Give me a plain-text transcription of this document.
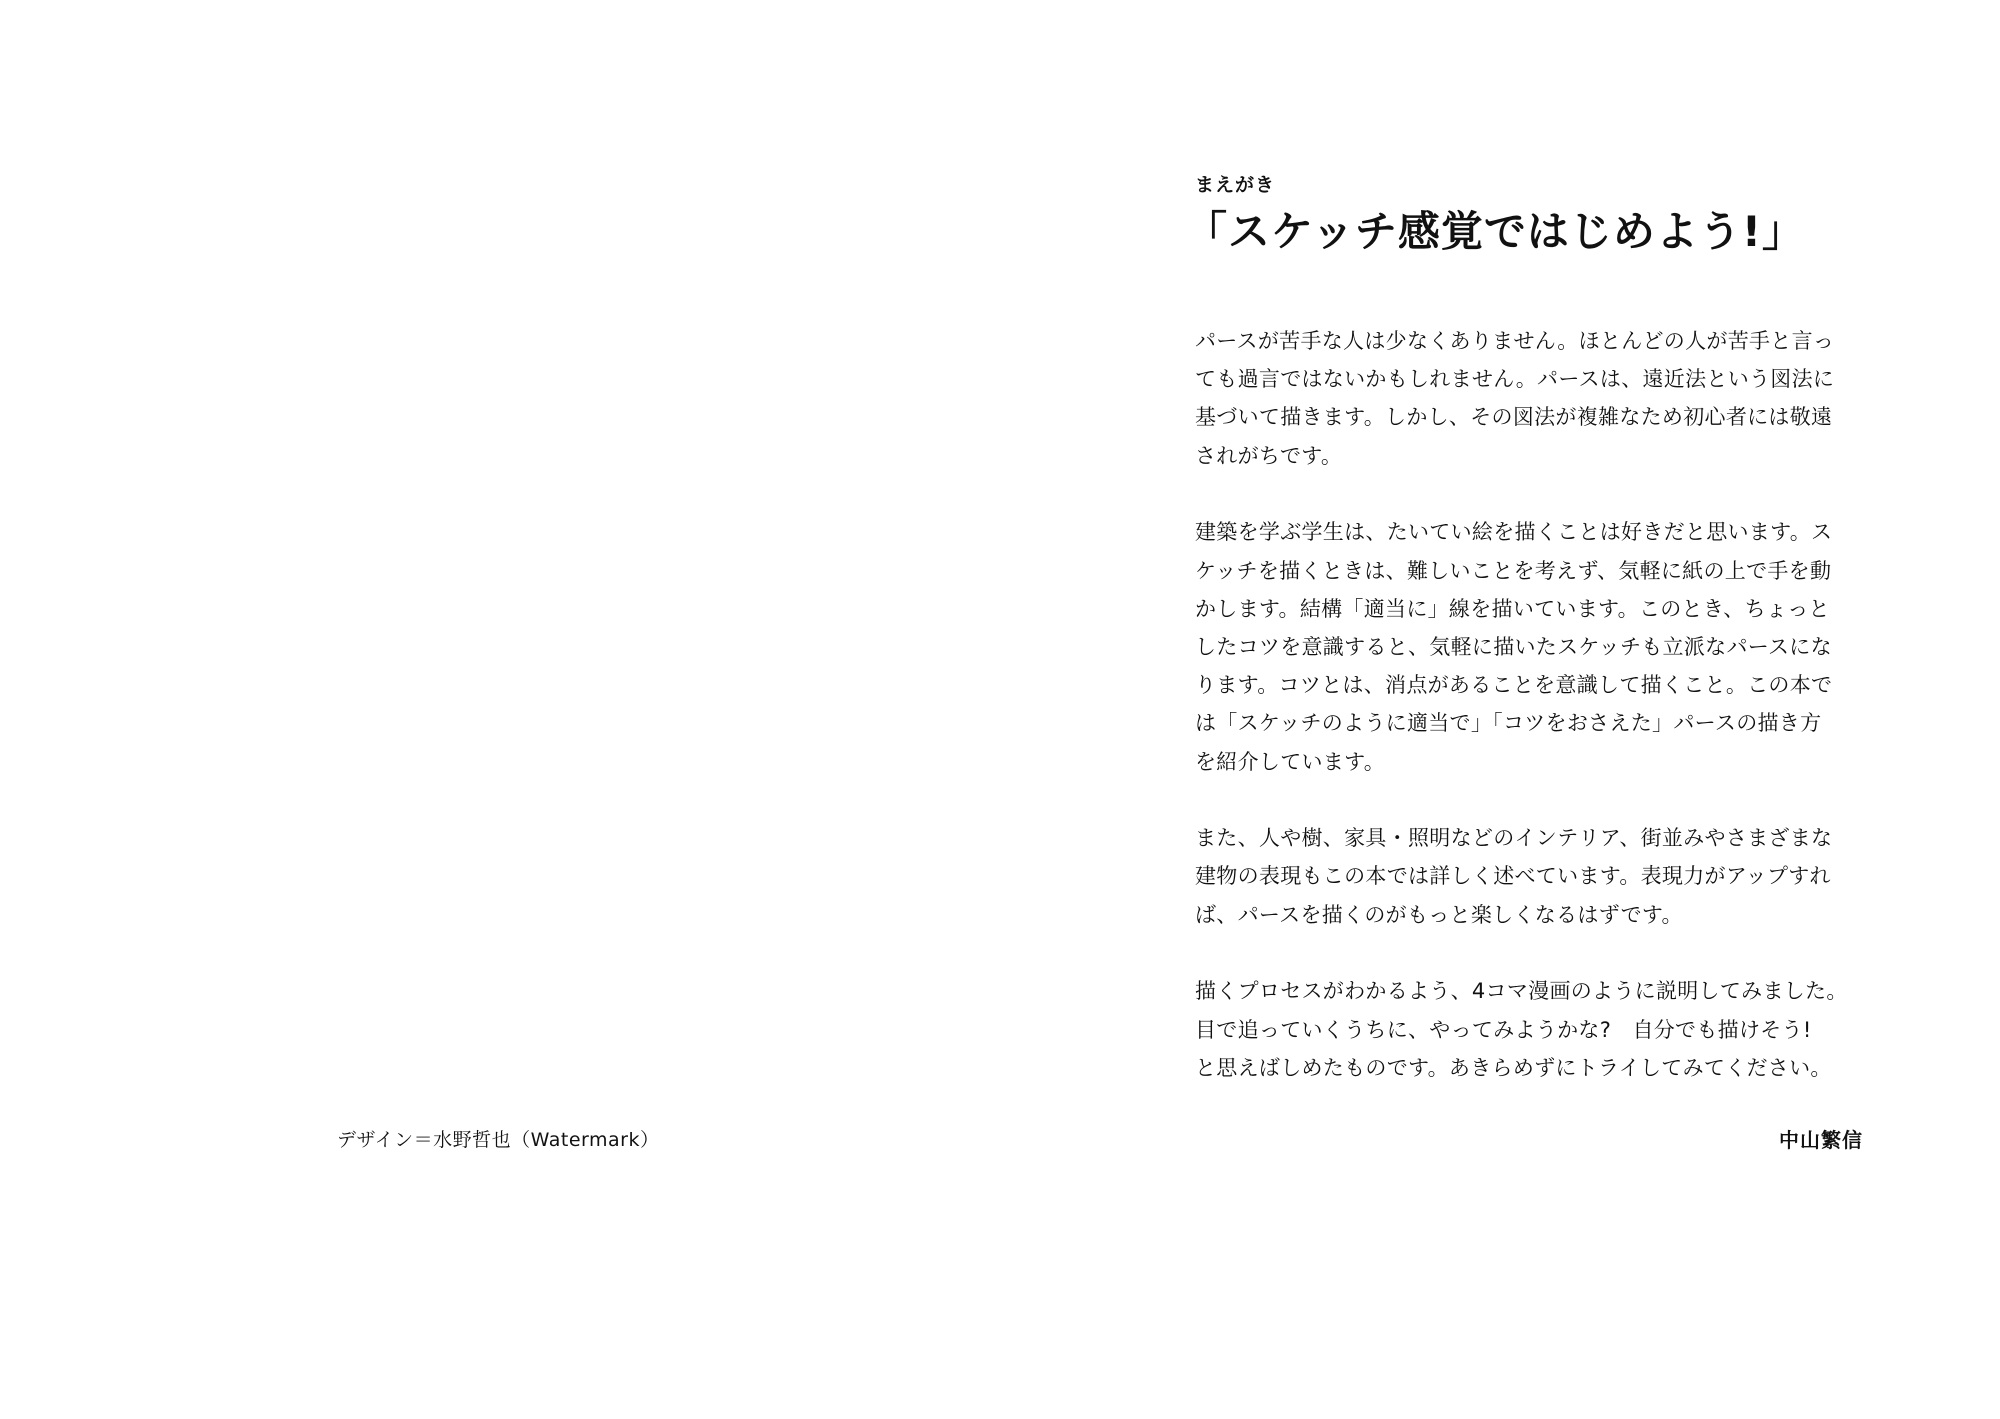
デザイン＝水野哲也（Watermark）
まえがき
「スケッチ感覚ではじめよう!」

パースが苦手な人は少なくありません。ほとんどの人が苦手と言っ
ても過言ではないかもしれません。パースは、遠近法という図法に
基づいて描きます。しかし、その図法が複雑なため初心者には敬遠
されがちです。

建築を学ぶ学生は、たいてい絵を描くことは好きだと思います。ス
ケッチを描くときは、難しいことを考えず、気軽に紙の上で手を動
かします。結構「適当に」線を描いています。このとき、ちょっと
したコツを意識すると、気軽に描いたスケッチも立派なパースにな
ります。コツとは、消点があることを意識して描くこと。この本で
は「スケッチのように適当で」「コツをおさえた」パースの描き方
を紹介しています。

また、人や樹、家具・照明などのインテリア、街並みやさまざまな
建物の表現もこの本では詳しく述べています。表現力がアップすれ
ば、パースを描くのがもっと楽しくなるはずです。

描くプロセスがわかるよう、4コマ漫画のように説明してみました。
目で追っていくうちに、やってみようかな?　自分でも描けそう!
と思えばしめたものです。あきらめずにトライしてみてください。

中山繁信
